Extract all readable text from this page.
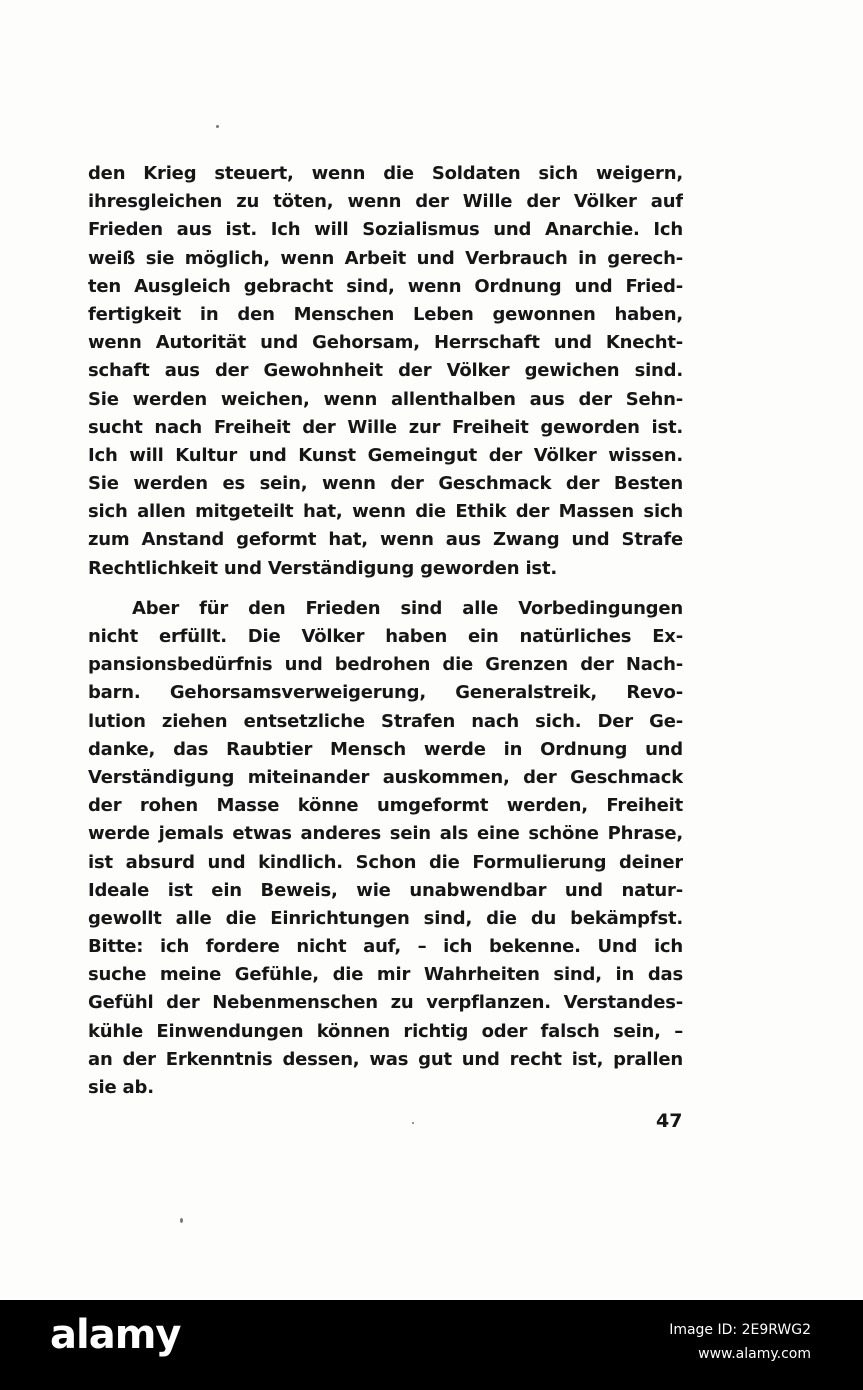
den Krieg steuert, wenn die Soldaten sich weigern,
ihresgleichen zu töten, wenn der Wille der Völker auf
Frieden aus ist. Ich will Sozialismus und Anarchie. Ich
weiß sie möglich, wenn Arbeit und Verbrauch in gerech-
ten Ausgleich gebracht sind, wenn Ordnung und Fried-
fertigkeit in den Menschen Leben gewonnen haben,
wenn Autorität und Gehorsam, Herrschaft und Knecht-
schaft aus der Gewohnheit der Völker gewichen sind.
Sie werden weichen, wenn allenthalben aus der Sehn-
sucht nach Freiheit der Wille zur Freiheit geworden ist.
Ich will Kultur und Kunst Gemeingut der Völker wissen.
Sie werden es sein, wenn der Geschmack der Besten
sich allen mitgeteilt hat, wenn die Ethik der Massen sich
zum Anstand geformt hat, wenn aus Zwang und Strafe
Rechtlichkeit und Verständigung geworden ist.
Aber für den Frieden sind alle Vorbedingungen
nicht erfüllt. Die Völker haben ein natürliches Ex-
pansionsbedürfnis und bedrohen die Grenzen der Nach-
barn. Gehorsamsverweigerung, Generalstreik, Revo-
lution ziehen entsetzliche Strafen nach sich. Der Ge-
danke, das Raubtier Mensch werde in Ordnung und
Verständigung miteinander auskommen, der Geschmack
der rohen Masse könne umgeformt werden, Freiheit
werde jemals etwas anderes sein als eine schöne Phrase,
ist absurd und kindlich. Schon die Formulierung deiner
Ideale ist ein Beweis, wie unabwendbar und natur-
gewollt alle die Einrichtungen sind, die du bekämpfst.
Bitte: ich fordere nicht auf, – ich bekenne. Und ich
suche meine Gefühle, die mir Wahrheiten sind, in das
Gefühl der Nebenmenschen zu verpflanzen. Verstandes-
kühle Einwendungen können richtig oder falsch sein, –
an der Erkenntnis dessen, was gut und recht ist, prallen
sie ab.
47
alamy	Image ID: 2E9RWG2
www.alamy.com
